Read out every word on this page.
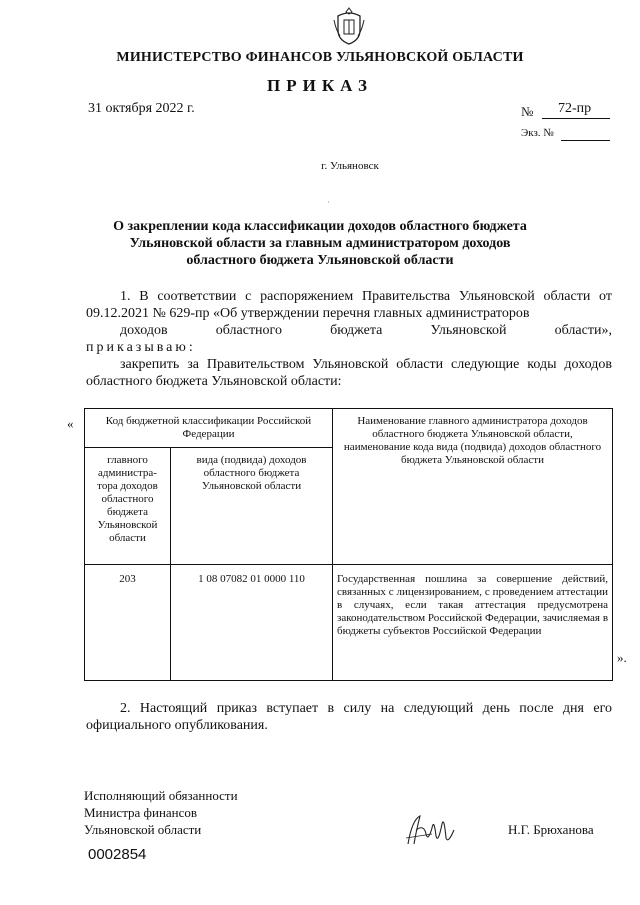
МИНИСТЕРСТВО ФИНАНСОВ УЛЬЯНОВСКОЙ ОБЛАСТИ
ПРИКАЗ
31 октября 2022 г.	№ 72-пр
Экз. №
г. Ульяновск
·
О закреплении кода классификации доходов областного бюджета
Ульяновской области за главным администратором доходов
областного бюджета Ульяновской области
1. В соответствии с распоряжением Правительства Ульяновской области от 09.12.2021 № 629-пр «Об утверждении перечня главных администраторов
доходов	областного	бюджета	Ульяновской	области»,
приказываю:
закрепить за Правительством Ульяновской области следующие коды доходов областного бюджета Ульяновской области:
«	Код бюджетной классификации Российской Федерации		Наименование главного администратора доходов областного бюджета Ульяновской области, наименование кода вида (подвида) доходов областного бюджета Ульяновской области
главного администра-тора доходов областного бюджета Ульяновской области	вида (подвида) доходов областного бюджета Ульяновской области	
203	1 08 07082 01 0000 110	Государственная пошлина за совершение действий, связанных с лицензированием, с проведением аттестации в случаях, если такая аттестация предусмотрена законодательством Российской Федерации, зачисляемая в бюджеты субъектов Российской Федерации
».
2. Настоящий приказ вступает в силу на следующий день после дня его официального опубликования.
Исполняющий обязанности
Министра финансов
Ульяновской области	Н.Г. Брюханова
0002854
